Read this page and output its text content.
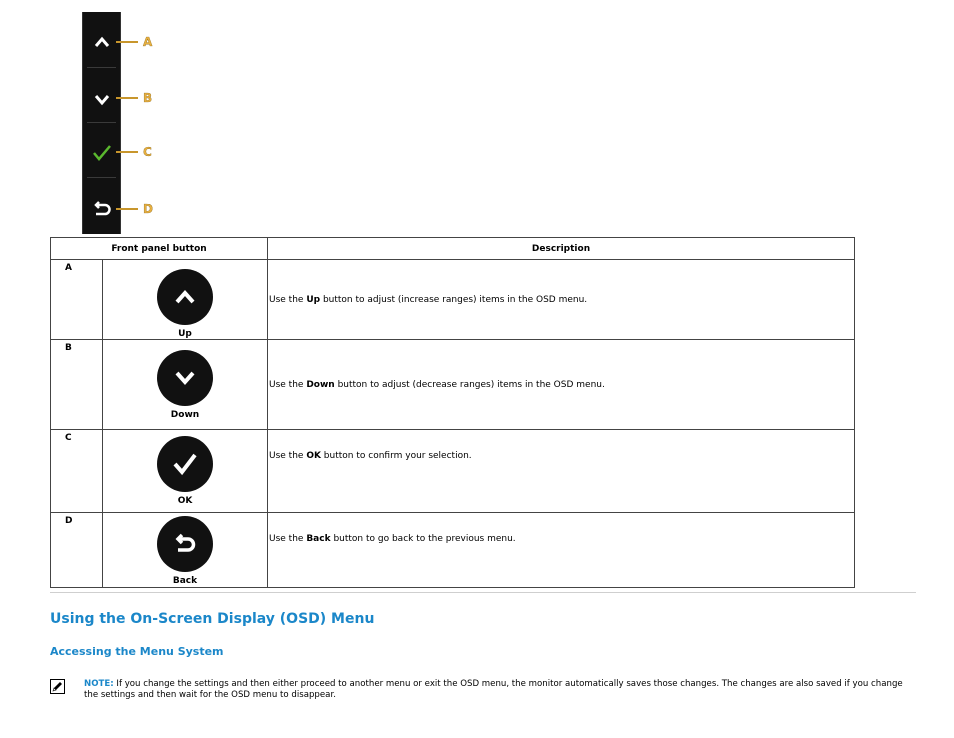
A
B
C
D
Front panel button		Description
A	Up	Use the Up button to adjust (increase ranges) items in the OSD menu.
B	Down	Use the Down button to adjust (decrease ranges) items in the OSD menu.
C	OK	Use the OK button to confirm your selection.
D	Back	Use the Back button to go back to the previous menu.
Using the On-Screen Display (OSD) Menu
Accessing the Menu System
NOTE: If you change the settings and then either proceed to another menu or exit the OSD menu, the monitor automatically saves those changes. The changes are also saved if you change the settings and then wait for the OSD menu to disappear.
